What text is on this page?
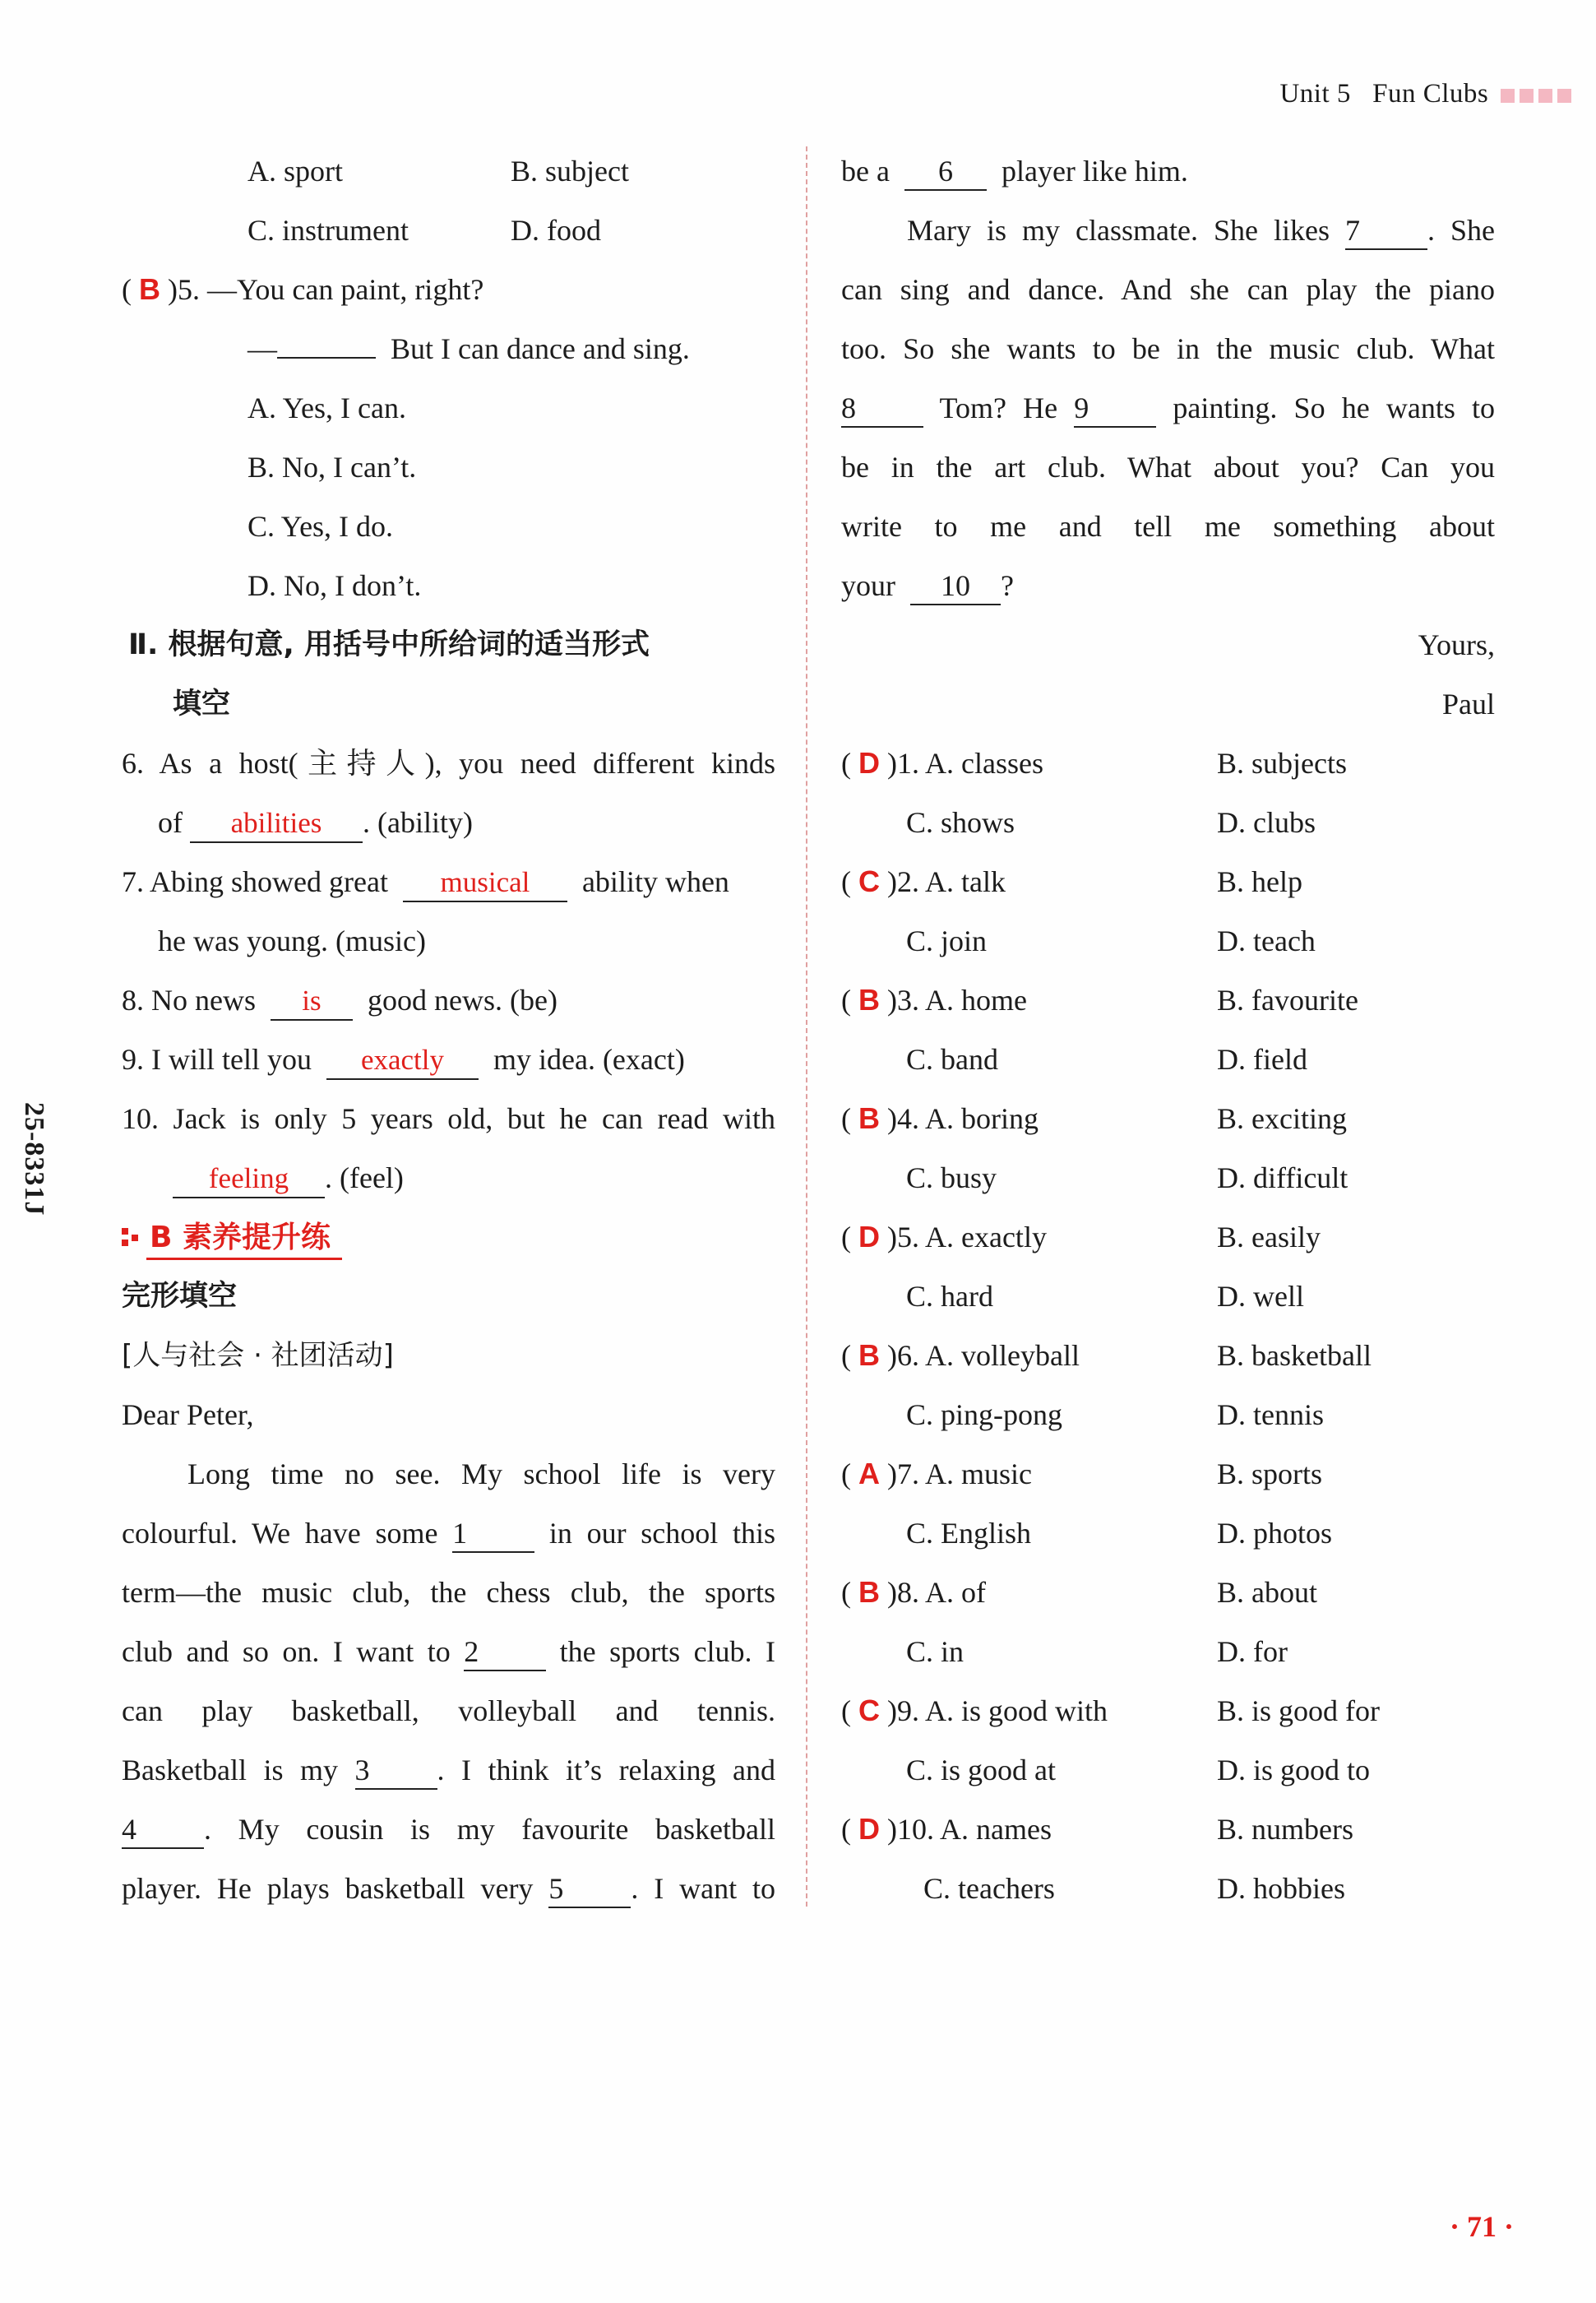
Unit 5 Fun Clubs
25-8331J
A. sport	B. subject
C. instrument	D. food
( B )5. —You can paint, right?
—	But I can dance and sing.
A. Yes, I can.
B. No, I can’t.
C. Yes, I do.
D. No, I don’t.
Ⅱ. 根据句意, 用括号中所给词的适当形式
填空
6. As a host(主持人), you need different kinds
of abilities . (ability)
7. Abing showed great musical ability when
he was young. (music)
8. No news is good news. (be)
9. I will tell you exactly my idea. (exact)
10. Jack is only 5 years old, but he can read with
feeling . (feel)
B 素养提升练
完形填空
[人与社会 · 社团活动]
Dear Peter,
Long time no see. My school life is very
colourful. We have some 1	in our school this
term—the music club, the chess club, the sports
club and so on. I want to 2	the sports club. I
can play basketball, volleyball and tennis.
Basketball is my 3 . I think it’s relaxing and
4 . My cousin is my favourite basketball
player. He plays basketball very 5 . I want to
be a 6 player like him.
Mary is my classmate. She likes 7 . She
can sing and dance. And she can play the piano
too. So she wants to be in the music club. What
8	Tom? He 9	painting. So he wants to
be in the art club. What about you? Can you
write to me and tell me something about
your 10 ?
Yours,
Paul
( D )1. A. classes	B. subjects
C. shows	D. clubs
( C )2. A. talk	B. help
C. join	D. teach
( B )3. A. home	B. favourite
C. band	D. field
( B )4. A. boring	B. exciting
C. busy	D. difficult
( D )5. A. exactly	B. easily
C. hard	D. well
( B )6. A. volleyball	B. basketball
C. ping-pong	D. tennis
( A )7. A. music	B. sports
C. English	D. photos
( B )8. A. of	B. about
C. in	D. for
( C )9. A. is good with	B. is good for
C. is good at	D. is good to
( D )10. A. names	B. numbers
C. teachers	D. hobbies
· 71 ·
